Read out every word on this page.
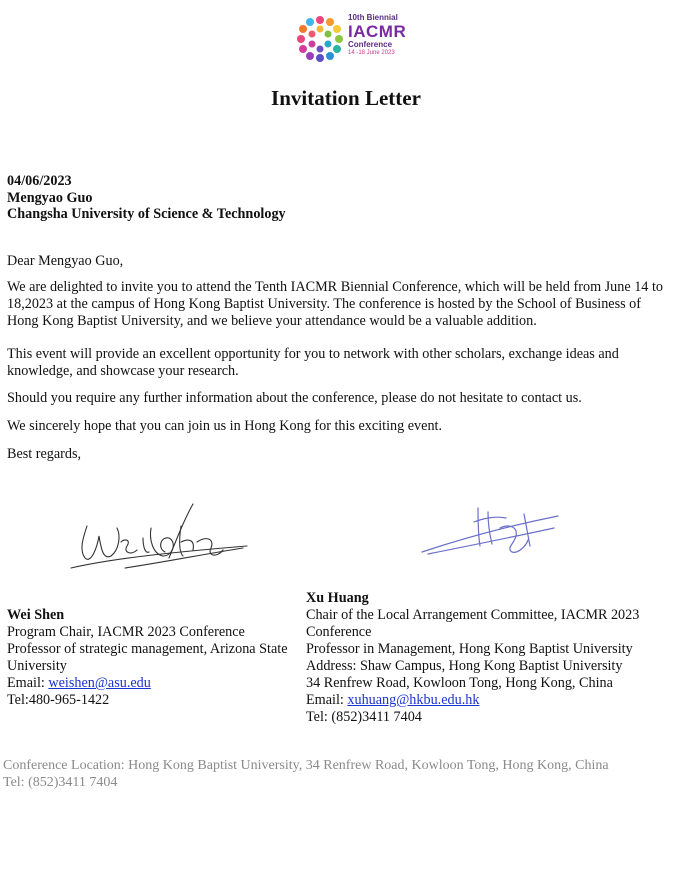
10th Biennial
IACMR
Conference
14 -18 June 2023
Invitation Letter
04/06/2023
Mengyao Guo
Changsha University of Science & Technology
Dear Mengyao Guo,
We are delighted to invite you to attend the Tenth IACMR Biennial Conference, which will be held from June 14 to 18,2023 at the campus of Hong Kong Baptist University. The conference is hosted by the School of Business of Hong Kong Baptist University, and we believe your attendance would be a valuable addition.
This event will provide an excellent opportunity for you to network with other scholars, exchange ideas and knowledge, and showcase your research.
Should you require any further information about the conference, please do not hesitate to contact us.
We sincerely hope that you can join us in Hong Kong for this exciting event.
Best regards,
Wei Shen
Program Chair, IACMR 2023 Conference
Professor of strategic management, Arizona State
University
Email: weishen@asu.edu
Tel:480-965-1422
Xu Huang
Chair of the Local Arrangement Committee, IACMR 2023
Conference
Professor in Management, Hong Kong Baptist University
Address: Shaw Campus, Hong Kong Baptist University
34 Renfrew Road, Kowloon Tong, Hong Kong, China
Email: xuhuang@hkbu.edu.hk
Tel: (852)3411 7404
Conference Location: Hong Kong Baptist University, 34 Renfrew Road, Kowloon Tong, Hong Kong, China
Tel: (852)3411 7404
